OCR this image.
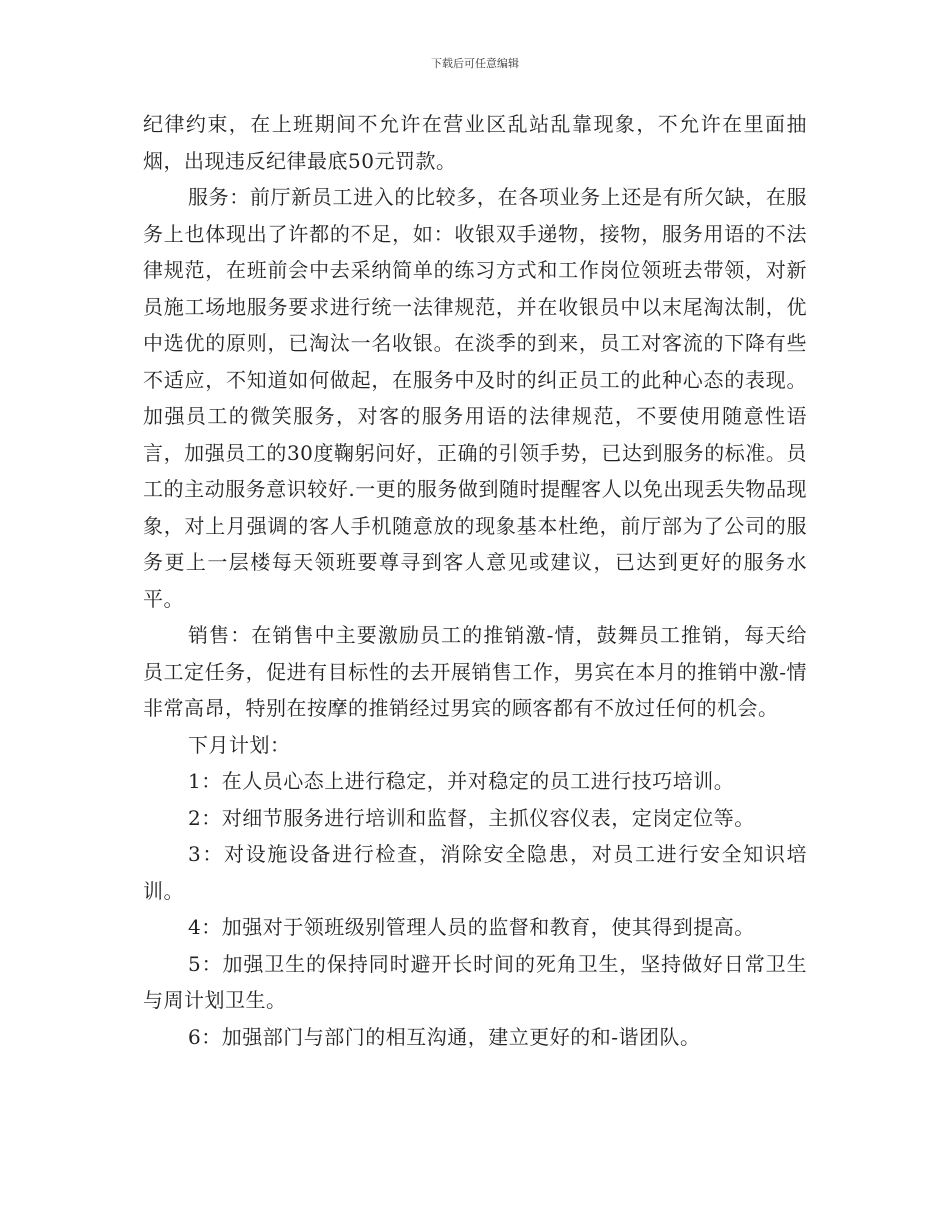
下载后可任意编辑

纪律约束，在上班期间不允许在营业区乱站乱靠现象，不允许在里面抽烟，出现违反纪律最底50元罚款。

服务：前厅新员工进入的比较多，在各项业务上还是有所欠缺，在服务上也体现出了许都的不足，如：收银双手递物，接物，服务用语的不法律规范，在班前会中去采纳简单的练习方式和工作岗位领班去带领，对新员施工场地服务要求进行统一法律规范，并在收银员中以末尾淘汰制，优中选优的原则，已淘汰一名收银。在淡季的到来，员工对客流的下降有些不适应，不知道如何做起，在服务中及时的纠正员工的此种心态的表现。加强员工的微笑服务，对客的服务用语的法律规范，不要使用随意性语言，加强员工的30度鞠躬问好，正确的引领手势，已达到服务的标准。员工的主动服务意识较好.一更的服务做到随时提醒客人以免出现丢失物品现象，对上月强调的客人手机随意放的现象基本杜绝，前厅部为了公司的服务更上一层楼每天领班要尊寻到客人意见或建议，已达到更好的服务水平。

销售：在销售中主要激励员工的推销激-情，鼓舞员工推销，每天给员工定任务，促进有目标性的去开展销售工作，男宾在本月的推销中激-情非常高昂，特别在按摩的推销经过男宾的顾客都有不放过任何的机会。

下月计划：

1：在人员心态上进行稳定，并对稳定的员工进行技巧培训。

2：对细节服务进行培训和监督，主抓仪容仪表，定岗定位等。

3：对设施设备进行检查，消除安全隐患，对员工进行安全知识培训。

4：加强对于领班级别管理人员的监督和教育，使其得到提高。

5：加强卫生的保持同时避开长时间的死角卫生，坚持做好日常卫生与周计划卫生。

6：加强部门与部门的相互沟通，建立更好的和-谐团队。
